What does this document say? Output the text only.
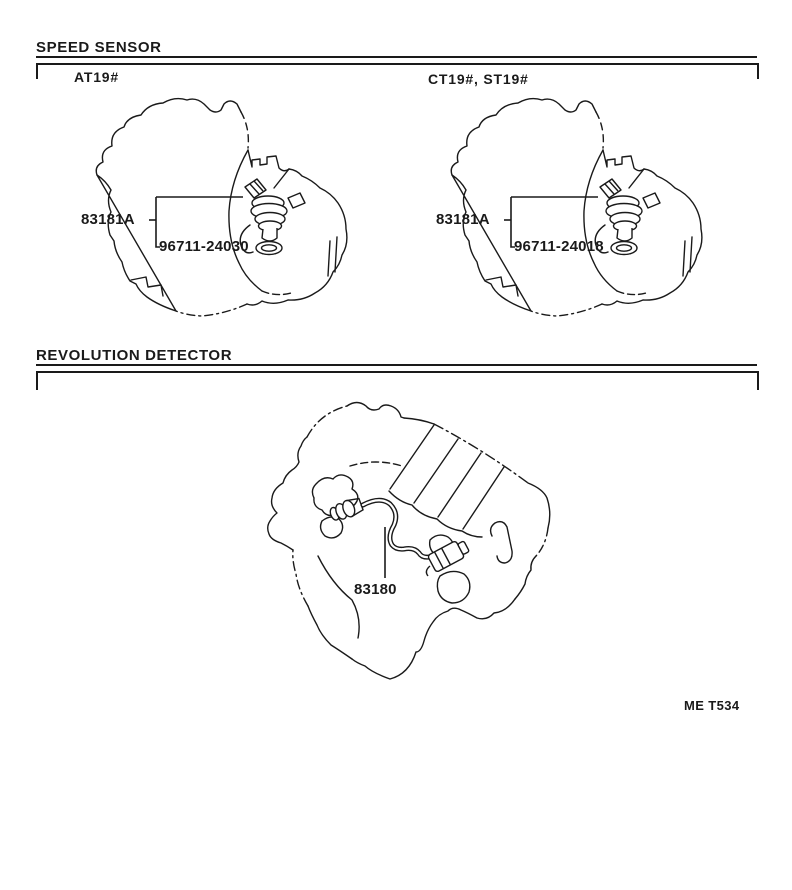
SPEED SENSOR
AT19#	CT19#, ST19#
REVOLUTION DETECTOR
83181A
96711-24030
83181A
96711-24018
83180
ME T534
